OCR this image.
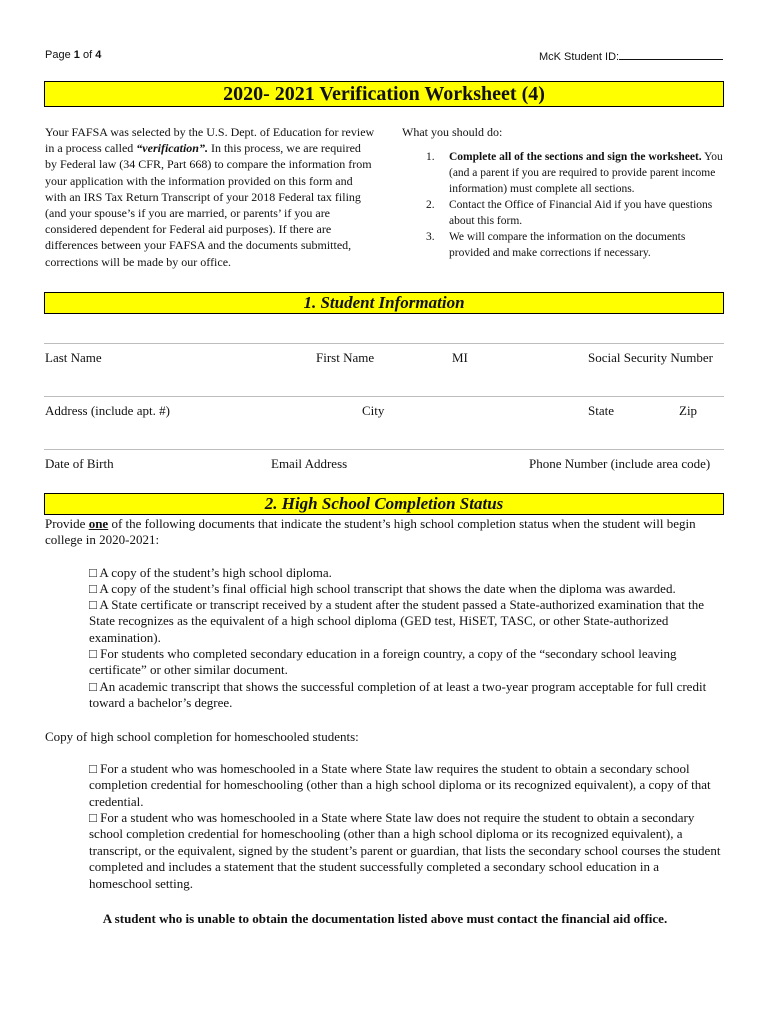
Page 1 of 4	McK Student ID:
2020- 2021 Verification Worksheet (4)
Your FAFSA was selected by the U.S. Dept. of Education for review in a process called “verification”. In this process, we are required by Federal law (34 CFR, Part 668) to compare the information from your application with the information provided on this form and with an IRS Tax Return Transcript of your 2018 Federal tax filing (and your spouse’s if you are married, or parents’ if you are considered dependent for Federal aid purposes). If there are differences between your FAFSA and the documents submitted, corrections will be made by our office.
What you should do:
1. Complete all of the sections and sign the worksheet. You (and a parent if you are required to provide parent income information) must complete all sections.
2. Contact the Office of Financial Aid if you have questions about this form.
3. We will compare the information on the documents provided and make corrections if necessary.
1. Student Information
Last Name	First Name	MI	Social Security Number
Address (include apt. #)	City	State	Zip
Date of Birth	Email Address	Phone Number (include area code)
2. High School Completion Status
Provide one of the following documents that indicate the student’s high school completion status when the student will begin college in 2020-2021:
□ A copy of the student’s high school diploma.
□ A copy of the student’s final official high school transcript that shows the date when the diploma was awarded.
□ A State certificate or transcript received by a student after the student passed a State-authorized examination that the State recognizes as the equivalent of a high school diploma (GED test, HiSET, TASC, or other State-authorized examination).
□ For students who completed secondary education in a foreign country, a copy of the “secondary school leaving certificate” or other similar document.
□ An academic transcript that shows the successful completion of at least a two-year program acceptable for full credit toward a bachelor’s degree.
Copy of high school completion for homeschooled students:
□ For a student who was homeschooled in a State where State law requires the student to obtain a secondary school completion credential for homeschooling (other than a high school diploma or its recognized equivalent), a copy of that credential.
□ For a student who was homeschooled in a State where State law does not require the student to obtain a secondary school completion credential for homeschooling (other than a high school diploma or its recognized equivalent), a transcript, or the equivalent, signed by the student’s parent or guardian, that lists the secondary school courses the student completed and includes a statement that the student successfully completed a secondary school education in a homeschool setting.
A student who is unable to obtain the documentation listed above must contact the financial aid office.
